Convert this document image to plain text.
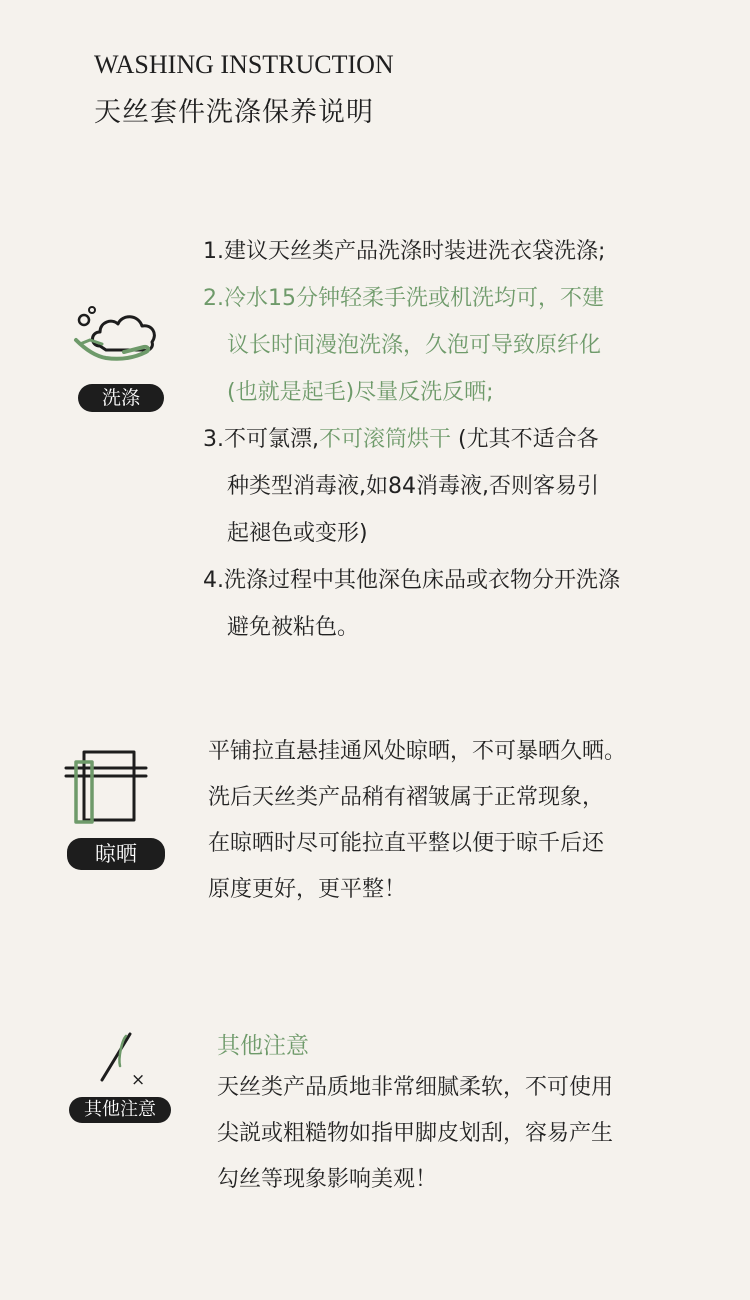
WASHING INSTRUCTION
天丝套件洗涤保养说明
洗涤

1.建议天丝类产品洗涤时装进洗衣袋洗涤;

2.冷水15分钟轻柔手洗或机洗均可，不建

议长时间漫泡洗涤，久泡可导致原纤化

(也就是起毛)尽量反洗反晒;

3.不可氯漂,不可滚筒烘干 (尤其不适合各

种类型消毒液,如84消毒液,否则客易引

起褪色或变形)

4.洗涤过程中其他深色床品或衣物分开洗涤

避免被粘色。

晾晒

平铺拉直悬挂通风处晾晒，不可暴晒久晒。

洗后天丝类产品稍有褶皱属于正常现象，

在晾晒时尽可能拉直平整以便于晾千后还

原度更好，更平整！

×
其他注意
其他注意

天丝类产品质地非常细腻柔软，不可使用

尖説或粗糙物如指甲脚皮划刮，容易产生

勾丝等现象影响美观！
